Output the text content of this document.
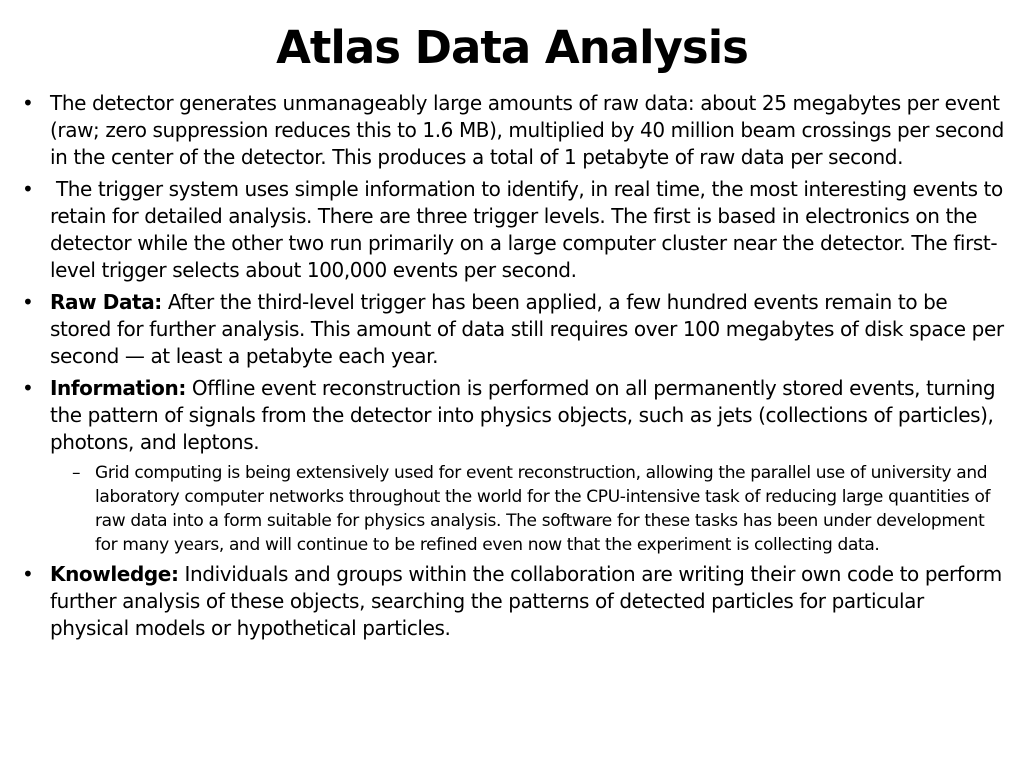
Atlas Data Analysis
• The detector generates unmanageably large amounts of raw data: about 25 megabytes per event (raw; zero suppression reduces this to 1.6 MB), multiplied by 40 million beam crossings per second in the center of the detector. This produces a total of 1 petabyte of raw data per second.
• The trigger system uses simple information to identify, in real time, the most interesting events to retain for detailed analysis. There are three trigger levels. The first is based in electronics on the detector while the other two run primarily on a large computer cluster near the detector. The first-level trigger selects about 100,000 events per second.
• Raw Data: After the third-level trigger has been applied, a few hundred events remain to be stored for further analysis. This amount of data still requires over 100 megabytes of disk space per second — at least a petabyte each year.
• Information: Offline event reconstruction is performed on all permanently stored events, turning the pattern of signals from the detector into physics objects, such as jets (collections of particles), photons, and leptons.
– Grid computing is being extensively used for event reconstruction, allowing the parallel use of university and laboratory computer networks throughout the world for the CPU-intensive task of reducing large quantities of raw data into a form suitable for physics analysis. The software for these tasks has been under development for many years, and will continue to be refined even now that the experiment is collecting data.
• Knowledge: Individuals and groups within the collaboration are writing their own code to perform further analysis of these objects, searching the patterns of detected particles for particular physical models or hypothetical particles.
